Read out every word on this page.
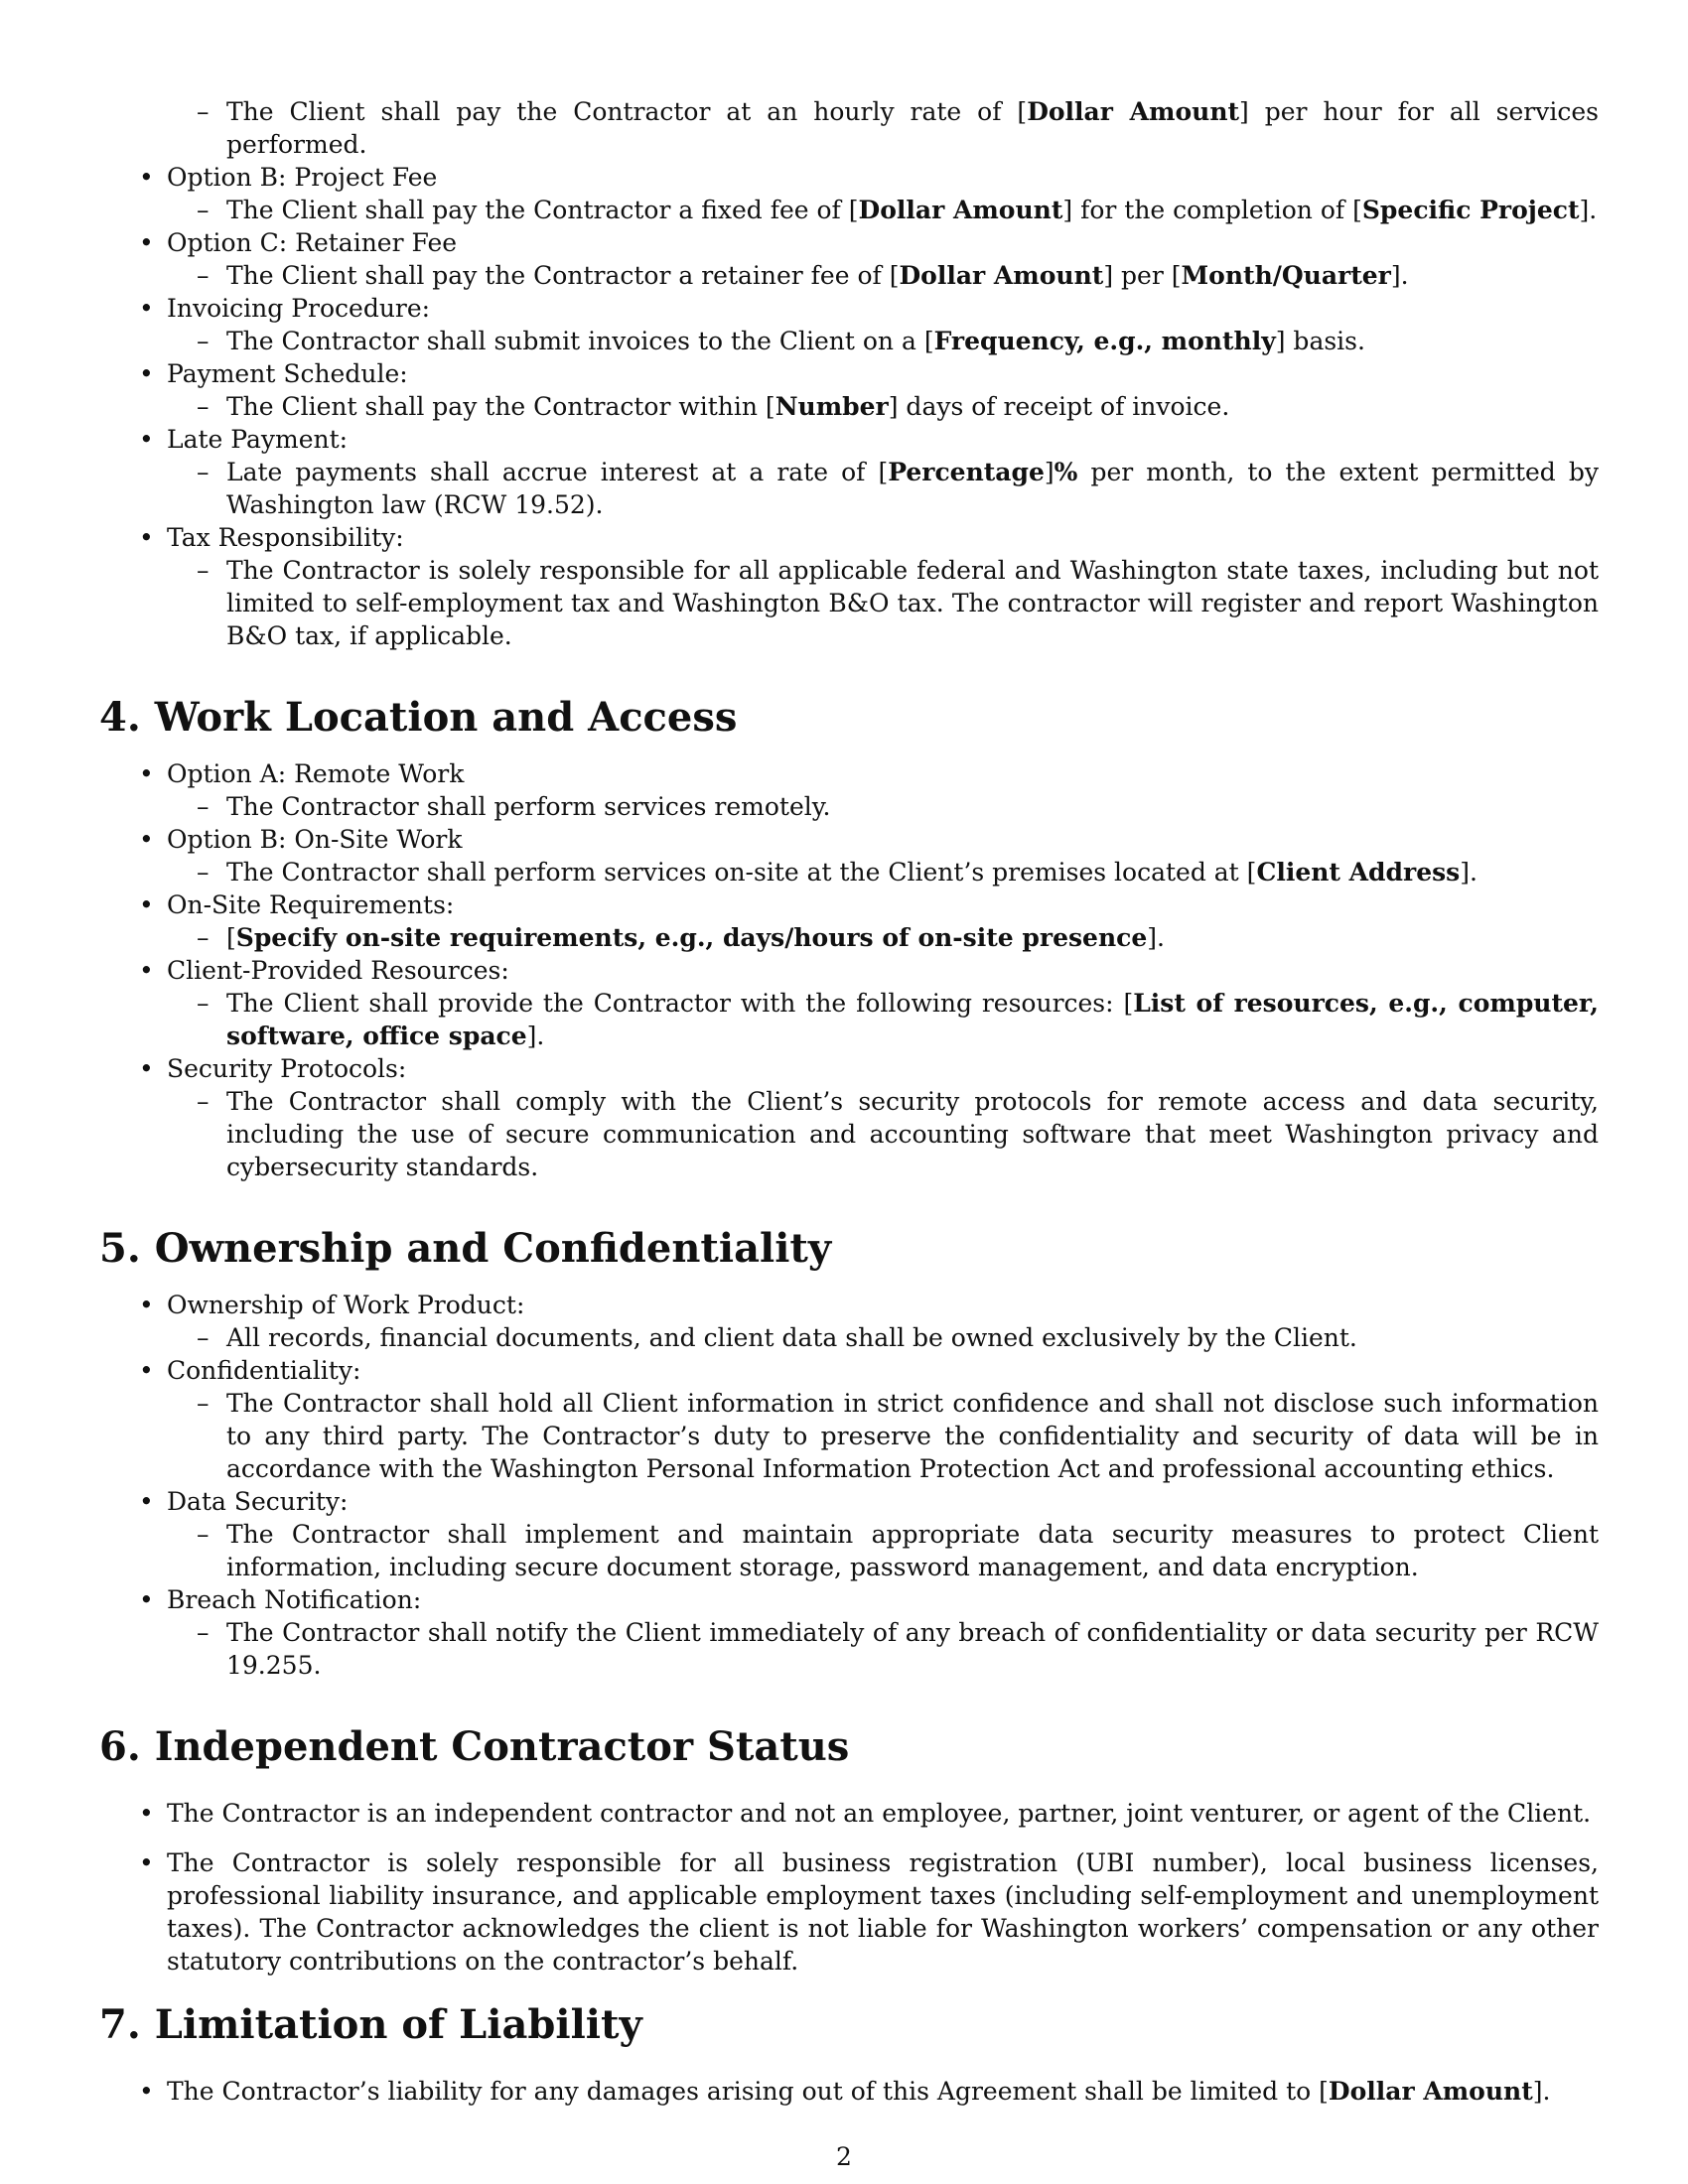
– The Client shall pay the Contractor at an hourly rate of [Dollar Amount] per hour for all services performed.
• Option B: Project Fee
– The Client shall pay the Contractor a fixed fee of [Dollar Amount] for the completion of [Specific Project].
• Option C: Retainer Fee
– The Client shall pay the Contractor a retainer fee of [Dollar Amount] per [Month/Quarter].
• Invoicing Procedure:
– The Contractor shall submit invoices to the Client on a [Frequency, e.g., monthly] basis.
• Payment Schedule:
– The Client shall pay the Contractor within [Number] days of receipt of invoice.
• Late Payment:
– Late payments shall accrue interest at a rate of [Percentage]% per month, to the extent permitted by Washington law (RCW 19.52).
• Tax Responsibility:
– The Contractor is solely responsible for all applicable federal and Washington state taxes, including but not limited to self-employment tax and Washington B&O tax. The contractor will register and report Washington B&O tax, if applicable.
4. Work Location and Access
• Option A: Remote Work
– The Contractor shall perform services remotely.
• Option B: On-Site Work
– The Contractor shall perform services on-site at the Client’s premises located at [Client Address].
• On-Site Requirements:
– [Specify on-site requirements, e.g., days/hours of on-site presence].
• Client-Provided Resources:
– The Client shall provide the Contractor with the following resources: [List of resources, e.g., computer, software, office space].
• Security Protocols:
– The Contractor shall comply with the Client’s security protocols for remote access and data security, including the use of secure communication and accounting software that meet Washington privacy and cybersecurity standards.
5. Ownership and Confidentiality
• Ownership of Work Product:
– All records, financial documents, and client data shall be owned exclusively by the Client.
• Confidentiality:
– The Contractor shall hold all Client information in strict confidence and shall not disclose such information to any third party. The Contractor’s duty to preserve the confidentiality and security of data will be in accordance with the Washington Personal Information Protection Act and professional accounting ethics.
• Data Security:
– The Contractor shall implement and maintain appropriate data security measures to protect Client information, including secure document storage, password management, and data encryption.
• Breach Notification:
– The Contractor shall notify the Client immediately of any breach of confidentiality or data security per RCW 19.255.
6. Independent Contractor Status
• The Contractor is an independent contractor and not an employee, partner, joint venturer, or agent of the Client.
• The Contractor is solely responsible for all business registration (UBI number), local business licenses, professional liability insurance, and applicable employment taxes (including self-employment and unemployment taxes). The Contractor acknowledges the client is not liable for Washington workers’ compensation or any other statutory contributions on the contractor’s behalf.
7. Limitation of Liability
• The Contractor’s liability for any damages arising out of this Agreement shall be limited to [Dollar Amount].
2
